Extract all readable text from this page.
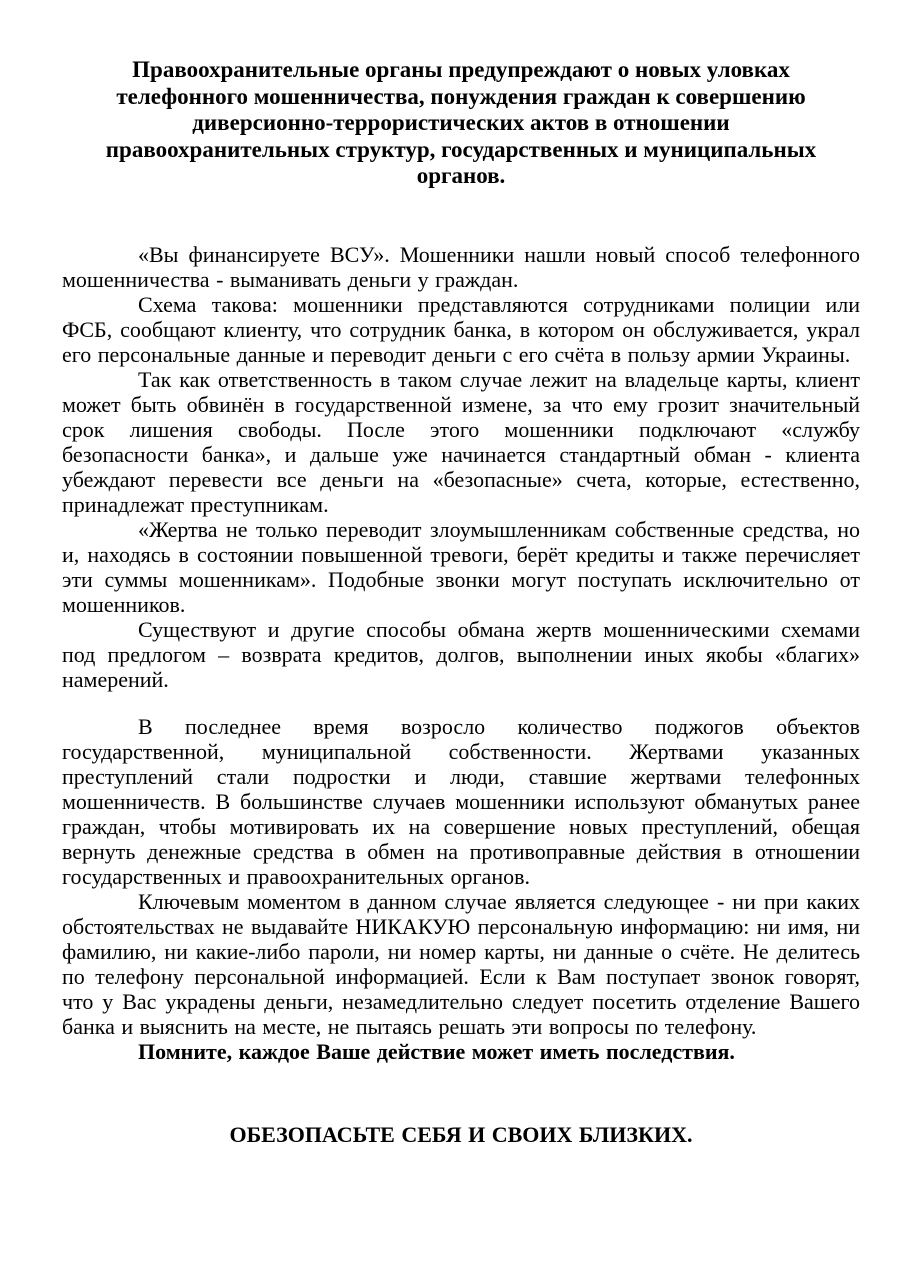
Правоохранительные органы предупреждают о новых уловках телефонного мошенничества, понуждения граждан к совершению диверсионно-террористических актов в отношении правоохранительных структур, государственных и муниципальных органов.

«Вы финансируете ВСУ». Мошенники нашли новый способ телефонного мошенничества - выманивать деньги у граждан.

Схема такова: мошенники представляются сотрудниками полиции или ФСБ, сообщают клиенту, что сотрудник банка, в котором он обслуживается, украл его персональные данные и переводит деньги с его счёта в пользу армии Украины.

Так как ответственность в таком случае лежит на владельце карты, клиент может быть обвинён в государственной измене, за что ему грозит значительный срок лишения свободы. После этого мошенники подключают «службу безопасности банка», и дальше уже начинается стандартный обман - клиента убеждают перевести все деньги на «безопасные» счета, которые, естественно, принадлежат преступникам.

«Жертва не только переводит злоумышленникам собственные средства, но и, находясь в состоянии повышенной тревоги, берёт кредиты и также перечисляет эти суммы мошенникам». Подобные звонки могут поступать исключительно от мошенников.

Существуют и другие способы обмана жертв мошенническими схемами под предлогом – возврата кредитов, долгов, выполнении иных якобы «благих» намерений.

В последнее время возросло количество поджогов объектов государственной, муниципальной собственности. Жертвами указанных преступлений стали подростки и люди, ставшие жертвами телефонных мошенничеств. В большинстве случаев мошенники используют обманутых ранее граждан, чтобы мотивировать их на совершение новых преступлений, обещая вернуть денежные средства в обмен на противоправные действия в отношении государственных и правоохранительных органов.

Ключевым моментом в данном случае является следующее - ни при каких обстоятельствах не выдавайте НИКАКУЮ персональную информацию: ни имя, ни фамилию, ни какие-либо пароли, ни номер карты, ни данные о счёте. Не делитесь по телефону персональной информацией. Если к Вам поступает звонок говорят, что у Вас украдены деньги, незамедлительно следует посетить отделение Вашего банка и выяснить на месте, не пытаясь решать эти вопросы по телефону.

Помните, каждое Ваше действие может иметь последствия.

ОБЕЗОПАСЬТЕ СЕБЯ И СВОИХ БЛИЗКИХ.
